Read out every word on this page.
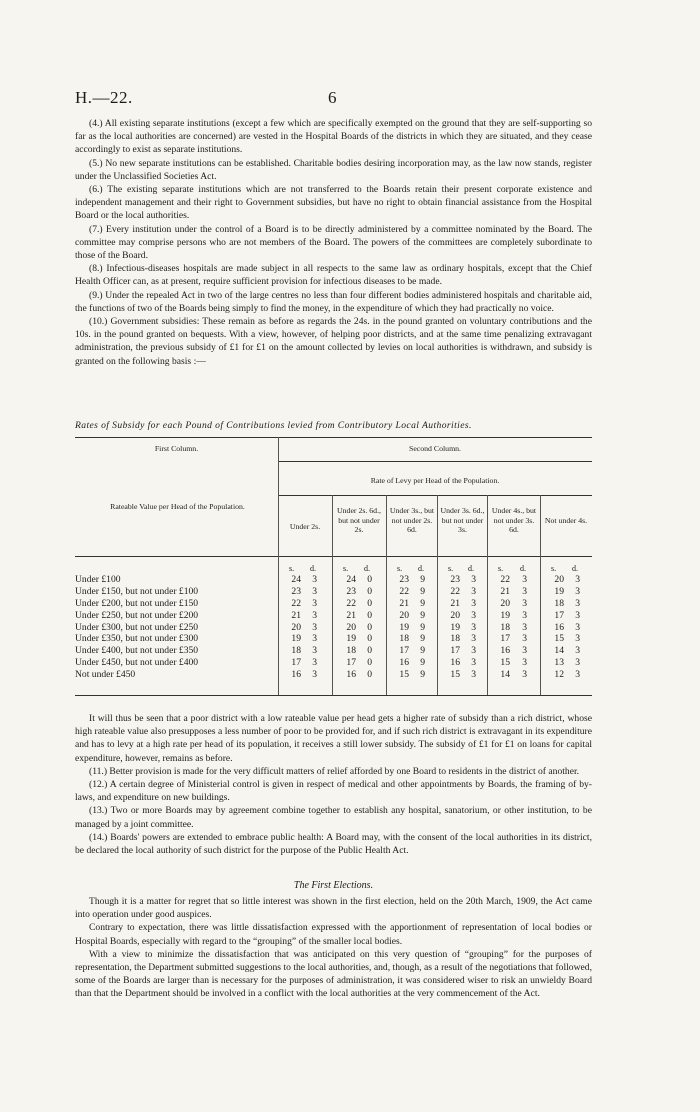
H.—22.	6

(4.) All existing separate institutions (except a few which are specifically exempted on the ground that they are self-supporting so far as the local authorities are concerned) are vested in the Hospital Boards of the districts in which they are situated, and they cease accordingly to exist as separate institutions.

(5.) No new separate institutions can be established. Charitable bodies desiring incorporation may, as the law now stands, register under the Unclassified Societies Act.

(6.) The existing separate institutions which are not transferred to the Boards retain their present corporate existence and independent management and their right to Government subsidies, but have no right to obtain financial assistance from the Hospital Board or the local authorities.

(7.) Every institution under the control of a Board is to be directly administered by a committee nominated by the Board. The committee may comprise persons who are not members of the Board. The powers of the committees are completely subordinate to those of the Board.

(8.) Infectious-diseases hospitals are made subject in all respects to the same law as ordinary hospitals, except that the Chief Health Officer can, as at present, require sufficient provision for infectious diseases to be made.

(9.) Under the repealed Act in two of the large centres no less than four different bodies administered hospitals and charitable aid, the functions of two of the Boards being simply to find the money, in the expenditure of which they had practically no voice.

(10.) Government subsidies: These remain as before as regards the 24s. in the pound granted on voluntary contributions and the 10s. in the pound granted on bequests. With a view, however, of helping poor districts, and at the same time penalizing extravagant administration, the previous subsidy of £1 for £1 on the amount collected by levies on local authorities is withdrawn, and subsidy is granted on the following basis :—

Rates of Subsidy for each Pound of Contributions levied from Contributory Local Authorities.
First Column.	Second Column.
Rate of Levy per Head of the Population.
Rateable Value per Head of the Population.
Under 2s.
Under 2s. 6d., but not under 2s.
Under 3s., but not under 2s. 6d.
Under 3s. 6d., but not under 3s.
Under 4s., but not under 3s. 6d.
Not under 4s.
s. d.	s. d.	s. d.	s. d.	s. d.	s. d.
Under £100	24	3	24	0	23	9	23	3	22	3	20	3
Under £150, but not under £100	23	3	23	0	22	9	22	3	21	3	19	3
Under £200, but not under £150	22	3	22	0	21	9	21	3	20	3	18	3
Under £250, but not under £200	21	3	21	0	20	9	20	3	19	3	17	3
Under £300, but not under £250	20	3	20	0	19	9	19	3	18	3	16	3
Under £350, but not under £300	19	3	19	0	18	9	18	3	17	3	15	3
Under £400, but not under £350	18	3	18	0	17	9	17	3	16	3	14	3
Under £450, but not under £400	17	3	17	0	16	9	16	3	15	3	13	3
Not under £450	16	3	16	0	15	9	15	3	14	3	12	3

It will thus be seen that a poor district with a low rateable value per head gets a higher rate of subsidy than a rich district, whose high rateable value also presupposes a less number of poor to be provided for, and if such rich district is extravagant in its expenditure and has to levy at a high rate per head of its population, it receives a still lower subsidy. The subsidy of £1 for £1 on loans for capital expenditure, however, remains as before.

(11.) Better provision is made for the very difficult matters of relief afforded by one Board to residents in the district of another.

(12.) A certain degree of Ministerial control is given in respect of medical and other appointments by Boards, the framing of by-laws, and expenditure on new buildings.

(13.) Two or more Boards may by agreement combine together to establish any hospital, sanatorium, or other institution, to be managed by a joint committee.

(14.) Boards' powers are extended to embrace public health: A Board may, with the consent of the local authorities in its district, be declared the local authority of such district for the purpose of the Public Health Act.

The First Elections.

Though it is a matter for regret that so little interest was shown in the first election, held on the 20th March, 1909, the Act came into operation under good auspices.

Contrary to expectation, there was little dissatisfaction expressed with the apportionment of representation of local bodies or Hospital Boards, especially with regard to the “grouping” of the smaller local bodies.

With a view to minimize the dissatisfaction that was anticipated on this very question of “grouping” for the purposes of representation, the Department submitted suggestions to the local authorities, and, though, as a result of the negotiations that followed, some of the Boards are larger than is necessary for the purposes of administration, it was considered wiser to risk an unwieldy Board than that the Department should be involved in a conflict with the local authorities at the very commencement of the Act.
